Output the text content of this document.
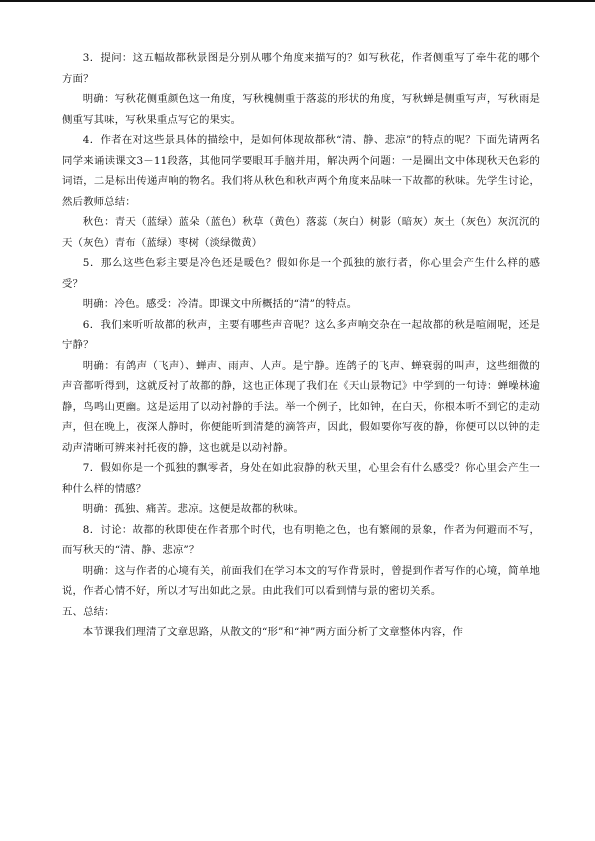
3．提问：这五幅故都秋景图是分别从哪个角度来描写的？如写秋花，作者侧重写了牵牛花的哪个方面？

明确：写秋花侧重颜色这一角度，写秋槐侧重于落蕊的形状的角度，写秋蝉是侧重写声，写秋雨是侧重写其味，写秋果重点写它的果实。

4．作者在对这些景具体的描绘中，是如何体现故都秋“清、静、悲凉”的特点的呢？下面先请两名同学来诵读课文3－11段落，其他同学要眼耳手脑并用，解决两个问题：一是圈出文中体现秋天色彩的词语，二是标出传递声响的物名。我们将从秋色和秋声两个角度来品味一下故都的秋味。先学生讨论，然后教师总结：

秋色：青天（蓝绿）蓝朵（蓝色）秋草（黄色）落蕊（灰白）树影（暗灰）灰土（灰色）灰沉沉的天（灰色）青布（蓝绿）枣树（淡绿微黄）

5．那么这些色彩主要是冷色还是暖色？假如你是一个孤独的旅行者，你心里会产生什么样的感受？

明确：冷色。感受：冷清。即课文中所概括的“清”的特点。

6．我们来听听故都的秋声，主要有哪些声音呢？这么多声响交杂在一起故都的秋是喧闹呢，还是宁静？

明确：有鸽声（飞声）、蝉声、雨声、人声。是宁静。连鸽子的飞声、蝉衰弱的叫声，这些细微的声音都听得到，这就反衬了故都的静，这也正体现了我们在《天山景物记》中学到的一句诗：蝉噪林逾静，鸟鸣山更幽。这是运用了以动衬静的手法。举一个例子，比如钟，在白天，你根本听不到它的走动声，但在晚上，夜深人静时，你便能听到清楚的滴答声，因此，假如要你写夜的静，你便可以以钟的走动声清晰可辨来衬托夜的静，这也就是以动衬静。

7．假如你是一个孤独的飘零者，身处在如此寂静的秋天里，心里会有什么感受？你心里会产生一种什么样的情感？

明确：孤独、痛苦。悲凉。这便是故都的秋味。

8．讨论：故都的秋即使在作者那个时代，也有明艳之色，也有繁闹的景象，作者为何避而不写，而写秋天的“清、静、悲凉”？

明确：这与作者的心境有关，前面我们在学习本文的写作背景时，曾提到作者写作的心境，简单地说，作者心情不好，所以才写出如此之景。由此我们可以看到情与景的密切关系。

五、总结：

本节课我们理清了文章思路，从散文的“形”和“神”两方面分析了文章整体内容，作
